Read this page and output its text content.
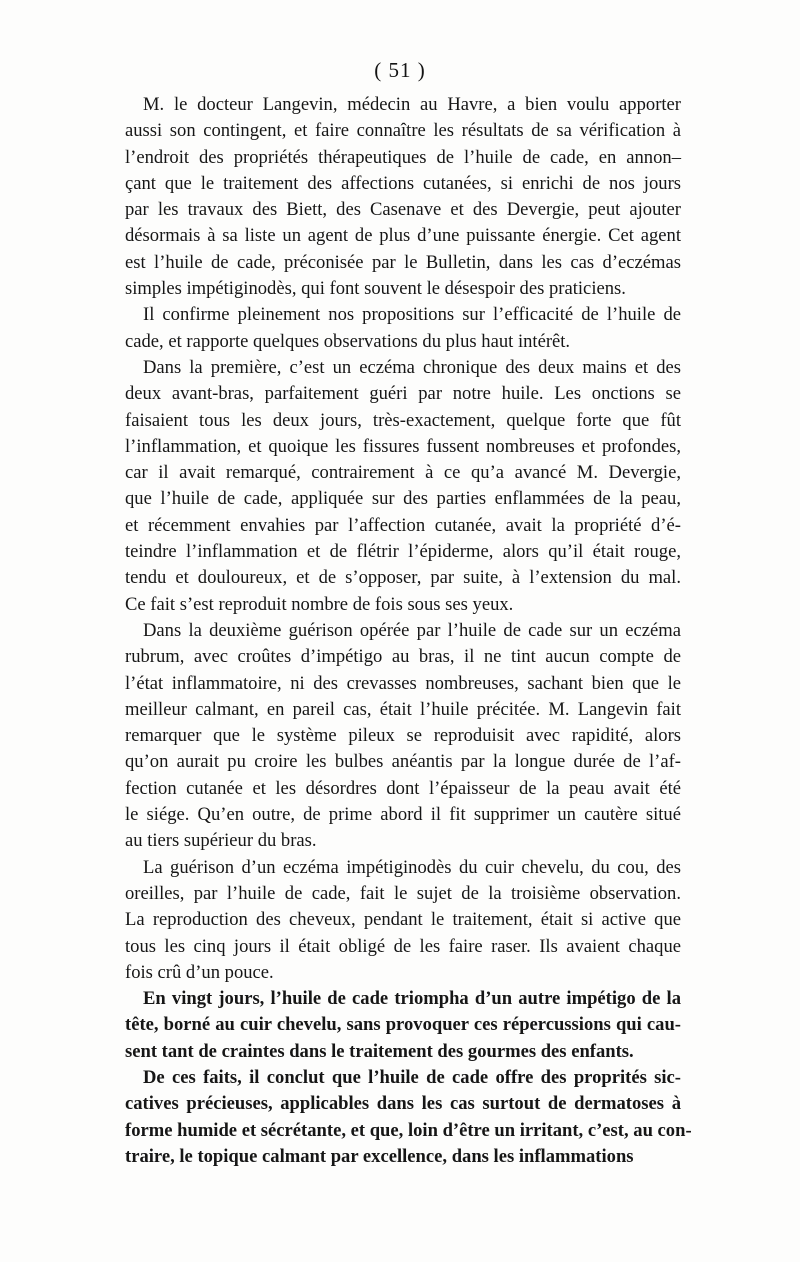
( 51 )
M. le docteur Langevin, médecin au Havre, a bien voulu apporter
aussi son contingent, et faire connaître les résultats de sa vérification à
l’endroit des propriétés thérapeutiques de l’huile de cade, en annon–
çant que le traitement des affections cutanées, si enrichi de nos jours
par les travaux des Biett, des Casenave et des Devergie, peut ajouter
désormais à sa liste un agent de plus d’une puissante énergie. Cet agent
est l’huile de cade, préconisée par le Bulletin, dans les cas d’eczémas
simples impétiginodès, qui font souvent le désespoir des praticiens.
Il confirme pleinement nos propositions sur l’efficacité de l’huile de
cade, et rapporte quelques observations du plus haut intérêt.
Dans la première, c’est un eczéma chronique des deux mains et des
deux avant-bras, parfaitement guéri par notre huile. Les onctions se
faisaient tous les deux jours, très-exactement, quelque forte que fût
l’inflammation, et quoique les fissures fussent nombreuses et profondes,
car il avait remarqué, contrairement à ce qu’a avancé M. Devergie,
que l’huile de cade, appliquée sur des parties enflammées de la peau,
et récemment envahies par l’affection cutanée, avait la propriété d’é-
teindre l’inflammation et de flétrir l’épiderme, alors qu’il était rouge,
tendu et douloureux, et de s’opposer, par suite, à l’extension du mal.
Ce fait s’est reproduit nombre de fois sous ses yeux.
Dans la deuxième guérison opérée par l’huile de cade sur un eczéma
rubrum, avec croûtes d’impétigo au bras, il ne tint aucun compte de
l’état inflammatoire, ni des crevasses nombreuses, sachant bien que le
meilleur calmant, en pareil cas, était l’huile précitée. M. Langevin fait
remarquer que le système pileux se reproduisit avec rapidité, alors
qu’on aurait pu croire les bulbes anéantis par la longue durée de l’af-
fection cutanée et les désordres dont l’épaisseur de la peau avait été
le siége. Qu’en outre, de prime abord il fit supprimer un cautère situé
au tiers supérieur du bras.
La guérison d’un eczéma impétiginodès du cuir chevelu, du cou, des
oreilles, par l’huile de cade, fait le sujet de la troisième observation.
La reproduction des cheveux, pendant le traitement, était si active que
tous les cinq jours il était obligé de les faire raser. Ils avaient chaque
fois crû d’un pouce.
En vingt jours, l’huile de cade triompha d’un autre impétigo de la
tête, borné au cuir chevelu, sans provoquer ces répercussions qui cau-
sent tant de craintes dans le traitement des gourmes des enfants.
De ces faits, il conclut que l’huile de cade offre des proprités sic-
catives précieuses, applicables dans les cas surtout de dermatoses à
forme humide et sécrétante, et que, loin d’être un irritant, c’est, au con-
traire, le topique calmant par excellence, dans les inflammations
